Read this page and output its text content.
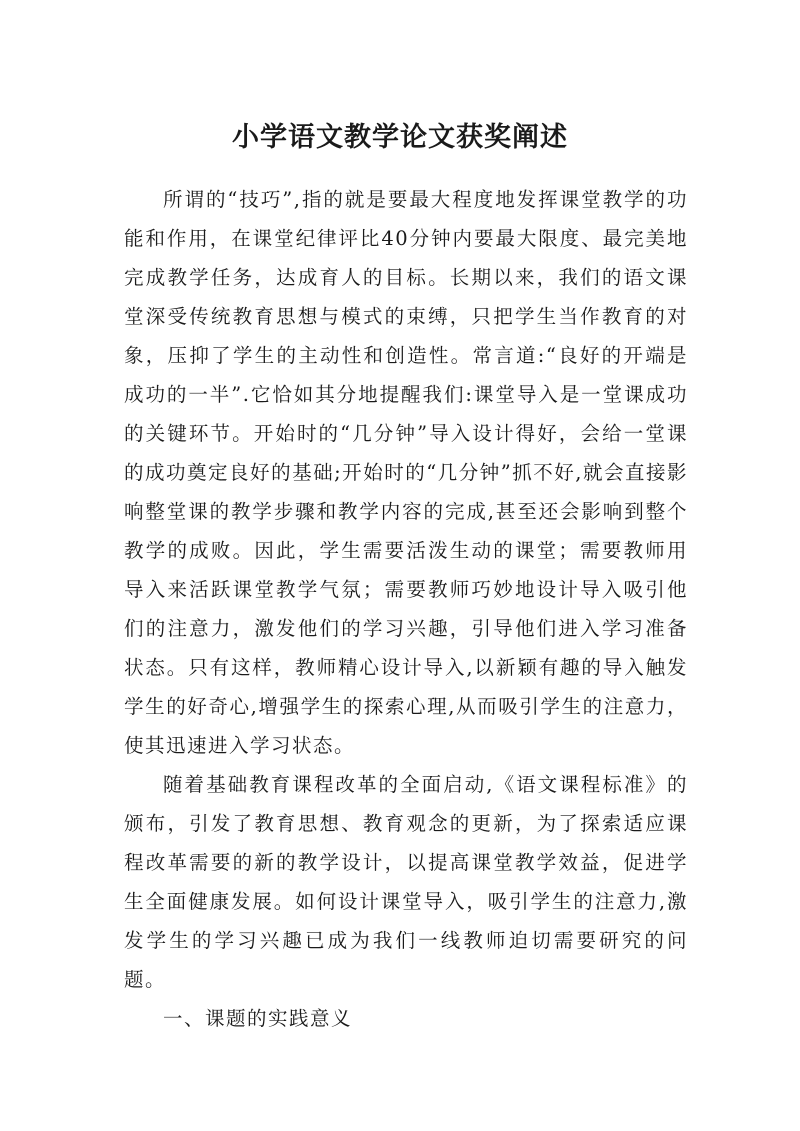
小学语文教学论文获奖阐述

所谓的“技巧”,指的就是要最大程度地发挥课堂教学的功能和作用，在课堂纪律评比40分钟内要最大限度、最完美地完成教学任务，达成育人的目标。长期以来，我们的语文课堂深受传统教育思想与模式的束缚，只把学生当作教育的对象，压抑了学生的主动性和创造性。常言道:“良好的开端是成功的一半”.它恰如其分地提醒我们:课堂导入是一堂课成功的关键环节。开始时的“几分钟”导入设计得好，会给一堂课的成功奠定良好的基础;开始时的“几分钟”抓不好,就会直接影响整堂课的教学步骤和教学内容的完成,甚至还会影响到整个教学的成败。因此，学生需要活泼生动的课堂；需要教师用导入来活跃课堂教学气氛；需要教师巧妙地设计导入吸引他们的注意力，激发他们的学习兴趣，引导他们进入学习准备状态。只有这样，教师精心设计导入,以新颖有趣的导入触发学生的好奇心,增强学生的探索心理,从而吸引学生的注意力，使其迅速进入学习状态。

随着基础教育课程改革的全面启动,《语文课程标准》的颁布，引发了教育思想、教育观念的更新，为了探索适应课程改革需要的新的教学设计，以提高课堂教学效益，促进学生全面健康发展。如何设计课堂导入，吸引学生的注意力,激发学生的学习兴趣已成为我们一线教师迫切需要研究的问题。

一、课题的实践意义
